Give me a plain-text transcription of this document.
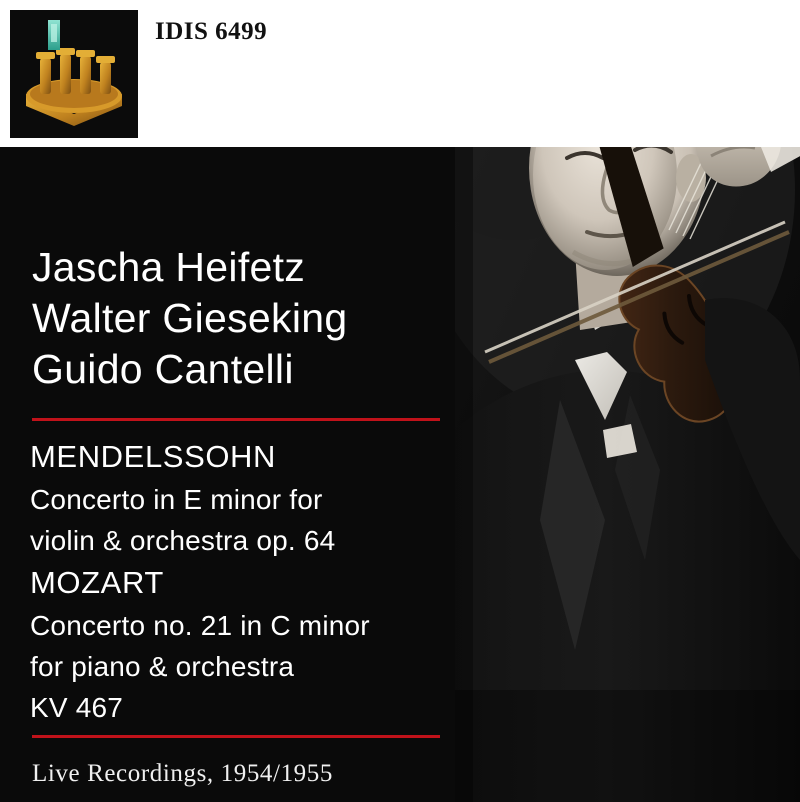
IDIS 6499
Jascha Heifetz
Walter Gieseking
Guido Cantelli
MENDELSSOHN
Concerto in E minor for
violin & orchestra op. 64
MOZART
Concerto no. 21 in C minor
for piano & orchestra
KV 467
Live Recordings, 1954/1955
